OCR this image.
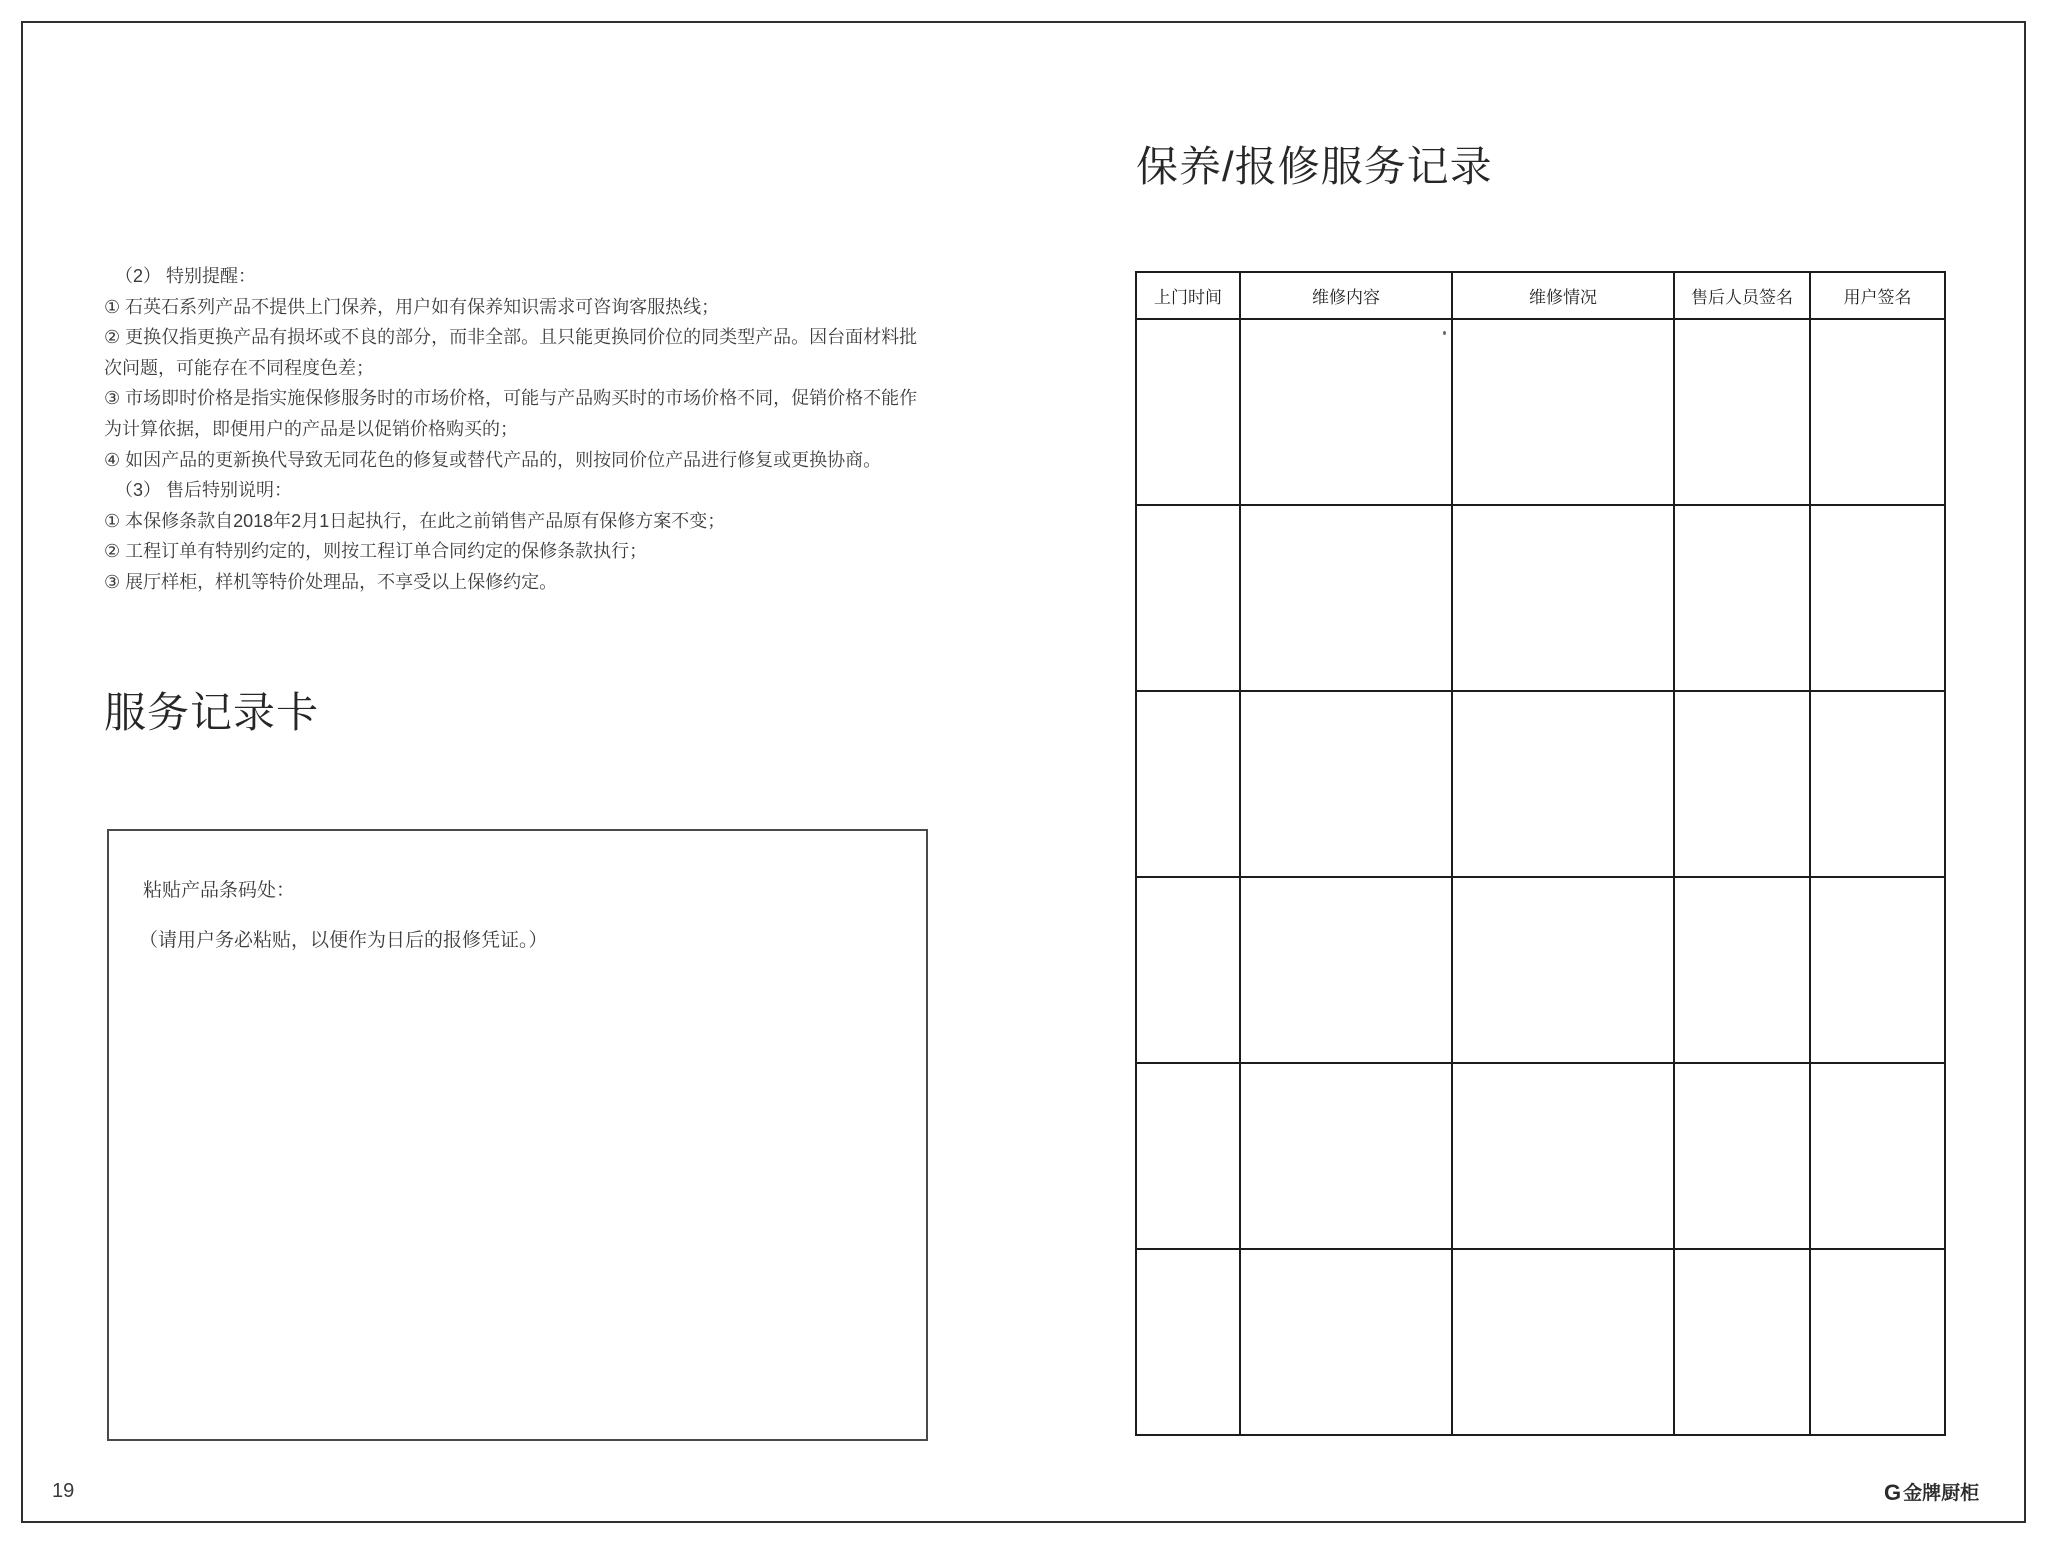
（2） 特别提醒：
① 石英石系列产品不提供上门保养，用户如有保养知识需求可咨询客服热线；
② 更换仅指更换产品有损坏或不良的部分，而非全部。且只能更换同价位的同类型产品。因台面材料批
次问题，可能存在不同程度色差；
③ 市场即时价格是指实施保修服务时的市场价格，可能与产品购买时的市场价格不同，促销价格不能作
为计算依据，即便用户的产品是以促销价格购买的；
④ 如因产品的更新换代导致无同花色的修复或替代产品的，则按同价位产品进行修复或更换协商。
（3） 售后特别说明：
① 本保修条款自2018年2月1日起执行，在此之前销售产品原有保修方案不变；
② 工程订单有特别约定的，则按工程订单合同约定的保修条款执行；
③ 展厅样柜，样机等特价处理品，不享受以上保修约定。
服务记录卡
粘贴产品条码处：
（请用户务必粘贴，以便作为日后的报修凭证。）
19
保养/报修服务记录
上门时间	维修内容	维修情况	售后人员签名	用户签名

G 金牌厨柜
